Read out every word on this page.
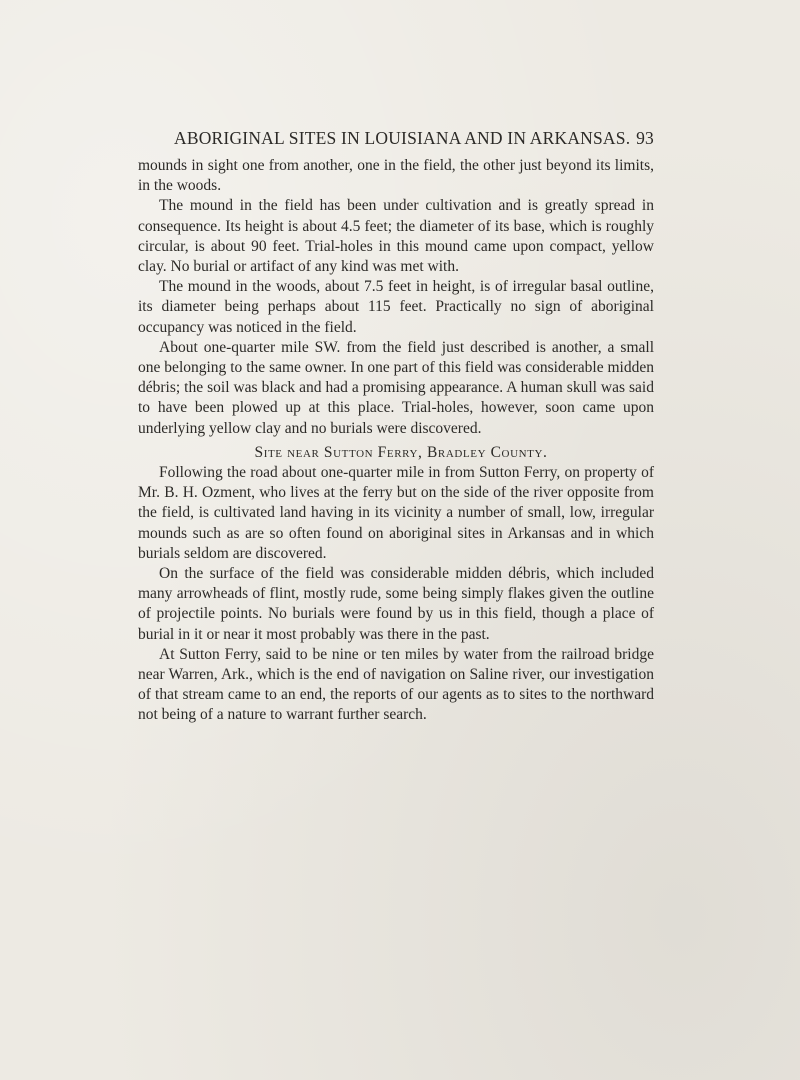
ABORIGINAL SITES IN LOUISIANA AND IN ARKANSAS. 93

mounds in sight one from another, one in the field, the other just beyond its limits, in the woods.

The mound in the field has been under cultivation and is greatly spread in consequence. Its height is about 4.5 feet; the diameter of its base, which is roughly circular, is about 90 feet. Trial-holes in this mound came upon compact, yellow clay. No burial or artifact of any kind was met with.

The mound in the woods, about 7.5 feet in height, is of irregular basal outline, its diameter being perhaps about 115 feet. Practically no sign of aboriginal occupancy was noticed in the field.

About one-quarter mile SW. from the field just described is another, a small one belonging to the same owner. In one part of this field was considerable midden débris; the soil was black and had a promising appearance. A human skull was said to have been plowed up at this place. Trial-holes, however, soon came upon underlying yellow clay and no burials were discovered.

Site near Sutton Ferry, Bradley County.

Following the road about one-quarter mile in from Sutton Ferry, on property of Mr. B. H. Ozment, who lives at the ferry but on the side of the river opposite from the field, is cultivated land having in its vicinity a number of small, low, irregular mounds such as are so often found on aboriginal sites in Arkansas and in which burials seldom are discovered.

On the surface of the field was considerable midden débris, which included many arrowheads of flint, mostly rude, some being simply flakes given the outline of projectile points. No burials were found by us in this field, though a place of burial in it or near it most probably was there in the past.

At Sutton Ferry, said to be nine or ten miles by water from the railroad bridge near Warren, Ark., which is the end of navigation on Saline river, our investigation of that stream came to an end, the reports of our agents as to sites to the northward not being of a nature to warrant further search.
